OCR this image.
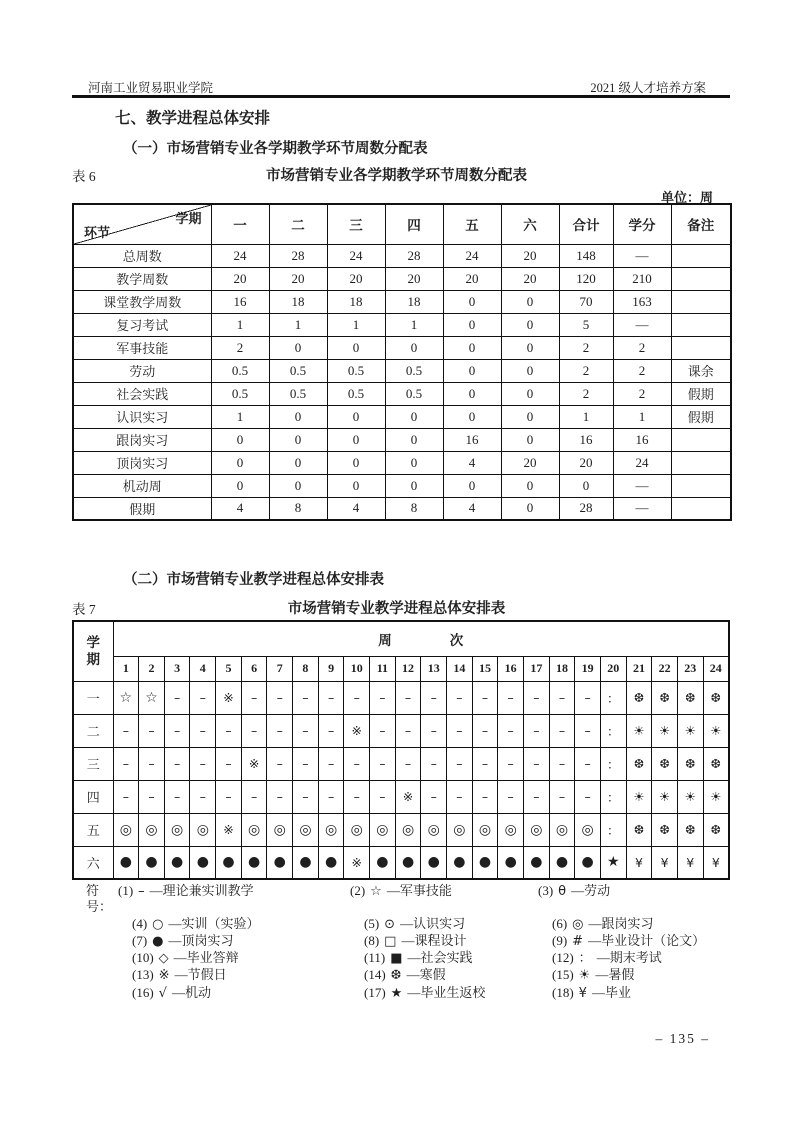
河南工业贸易职业学院	2021 级人才培养方案
七、教学进程总体安排
（一）市场营销专业各学期教学环节周数分配表
表 6	市场营销专业各学期教学环节周数分配表
单位：周
学期
环节	一	二	三	四	五	六	合计	学分	备注
总周数	24	28	24	28	24	20	148	—	
教学周数	20	20	20	20	20	20	120	210	
课堂教学周数	16	18	18	18	0	0	70	163	
复习考试	1	1	1	1	0	0	5	—	
军事技能	2	0	0	0	0	0	2	2	
劳动	0.5	0.5	0.5	0.5	0	0	2	2	课余
社会实践	0.5	0.5	0.5	0.5	0	0	2	2	假期
认识实习	1	0	0	0	0	0	1	1	假期
跟岗实习	0	0	0	0	16	0	16	16	
顶岗实习	0	0	0	0	4	20	20	24	
机动周	0	0	0	0	0	0	0	—	
假期	4	8	4	8	4	0	28	—	
（二）市场营销专业教学进程总体安排表
表 7	市场营销专业教学进程总体安排表
学
期	周 次																							

	1	2	3	4	5	6	7	8	9	10	11	12	13	14	15	16	17	18	19	20	21	22	23	24
一	☆	☆	–	–	※	–	–	–	–	–	–	–	–	–	–	–	–	–	–	：	❆	❆	❆	❆
二	–	–	–	–	–	–	–	–	–	※	–	–	–	–	–	–	–	–	–	：	☀	☀	☀	☀
三	–	–	–	–	–	※	–	–	–	–	–	–	–	–	–	–	–	–	–	：	❆	❆	❆	❆
四	–	–	–	–	–	–	–	–	–	–	–	※	–	–	–	–	–	–	–	：	☀	☀	☀	☀
五	◎	◎	◎	◎	※	◎	◎	◎	◎	◎	◎	◎	◎	◎	◎	◎	◎	◎	◎	：	❆	❆	❆	❆
六	●	●	●	●	●	●	●	●	●	※	●	●	●	●	●	●	●	●	●	★	¥	¥	¥	¥
符号：
(1) – —理论兼实训教学	(2) ☆ —军事技能	(3) θ —劳动
(4) ○ —实训（实验）	(5) ⊙ —认识实习	(6) ◎ —跟岗实习
(7) ● —顶岗实习	(8) □ —课程设计	(9) # —毕业设计（论文）
(10) ◇ —毕业答辩	(11) ■ —社会实践	(12) ： —期末考试
(13) ※ —节假日	(14) ❆ —寒假	(15) ☀ —暑假
(16) √ —机动	(17) ★ —毕业生返校	(18) ¥ —毕业
– 135 –
